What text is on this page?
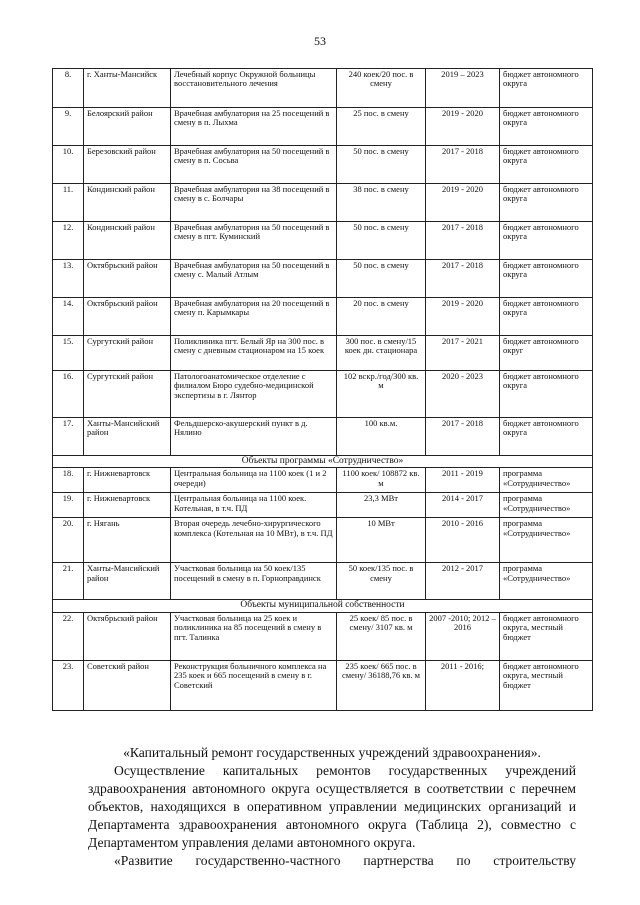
53
8.	г. Ханты-Мансийск	Лечебный корпус Окружной больницы восстановительного лечения	240 коек/20 пос. в смену	2019 – 2023	бюджет автономного округа
9.	Белоярский район	Врачебная амбулатория на 25 посещений в смену в п. Лыхма	25 пос. в смену	2019 - 2020	бюджет автономного округа
10.	Березовский район	Врачебная амбулатория на 50 посещений в смену в п. Сосьва	50 пос. в смену	2017 - 2018	бюджет автономного округа
11.	Кондинский район	Врачебная амбулатория на 38 посещений в смену в с. Болчары	38 пос. в смену	2019 - 2020	бюджет автономного округа
12.	Кондинский район	Врачебная амбулатория на 50 посещений в смену в пгт. Куминский	50 пос. в смену	2017 - 2018	бюджет автономного округа
13.	Октябрьский район	Врачебная амбулатория на 50 посещений в смену с. Малый Атлым	50 пос. в смену	2017 - 2018	бюджет автономного округа
14.	Октябрьский район	Врачебная амбулатория на 20 посещений в смену п. Карымкары	20 пос. в смену	2019 - 2020	бюджет автономного округа
15.	Сургутский район	Поликлиника пгт. Белый Яр на 300 пос. в смену с дневным стационаром на 15 коек	300 пос. в смену/15 коек дн. стационара	2017 - 2021	бюджет автономного округ
16.	Сургутский район	Патологоанатомическое отделение с филиалом Бюро судебно-медицинской экспертизы в г. Лянтор	102 вскр./год/300 кв. м	2020 - 2023	бюджет автономного округа
17.	Ханты-Мансийский район	Фельдшерско-акушерский пункт в д. Нялино	100 кв.м.	2017 - 2018	бюджет автономного округа
Объекты программы «Сотрудничество»					
18.	г. Нижневартовск	Центральная больница на 1100 коек (1 и 2 очереди)	1100 коек/ 108872 кв. м	2011 - 2019	программа «Сотрудничество»
19.	г. Нижневартовск	Центральная больница на 1100 коек. Котельная, в т.ч. ПД	23,3 МВт	2014 - 2017	программа «Сотрудничество»
20.	г. Нягань	Вторая очередь лечебно-хирургического комплекса (Котельная на 10 МВт), в т.ч. ПД	10 МВт	2010 - 2016	программа «Сотрудничество»
21.	Ханты-Мансийский район	Участковая больница на 50 коек/135 посещений в смену в п. Горноправдинск	50 коек/135 пос. в смену	2012 - 2017	программа «Сотрудничество»
Объекты муниципальной собственности					
22.	Октябрьский район	Участковая больница на 25 коек и поликлиника на 85 посещений в смену в пгт. Талинка	25 коек/ 85 пос. в смену/ 3107 кв. м	2007 -2010; 2012 – 2016	бюджет автономного округа, местный бюджет
23.	Советский район	Реконструкция больничного комплекса на 235 коек и 665 посещений в смену в г. Советский	235 коек/ 665 пос. в смену/ 36188,76 кв. м	2011 - 2016;	бюджет автономного округа, местный бюджет

«Капитальный ремонт государственных учреждений здравоохранения».

Осуществление капитальных ремонтов государственных учреждений здравоохранения автономного округа осуществляется в соответствии с перечнем объектов, находящихся в оперативном управлении медицинских организаций и Департамента здравоохранения автономного округа (Таблица 2), совместно с Департаментом управления делами автономного округа.

«Развитие государственно-частного партнерства по строительству
